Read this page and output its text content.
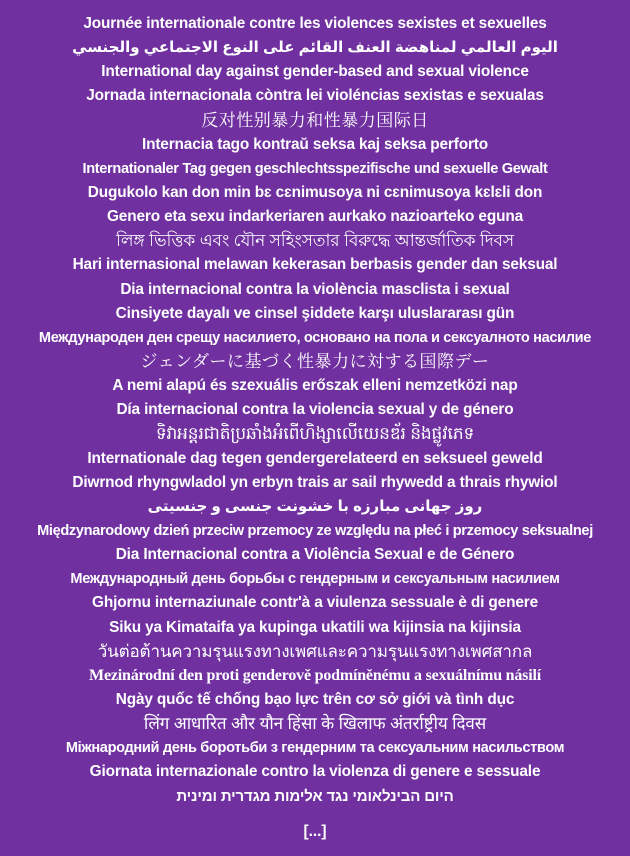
Journée internationale contre les violences sexistes et sexuelles
اليوم العالمي لمناهضة العنف القائم على النوع الاجتماعي والجنسي
International day against gender-based and sexual violence
Jornada internacionala còntra lei violéncias sexistas e sexualas
反对性别暴力和性暴力国际日
Internacia tago kontraŭ seksa kaj seksa perforto
Internationaler Tag gegen geschlechtsspezifische und sexuelle Gewalt
Dugukolo kan don min bɛ cɛnimusoya ni cɛnimusoya kɛlɛli don
Genero eta sexu indarkeriaren aurkako nazioarteko eguna
লিঙ্গ ভিত্তিক এবং যৌন সহিংসতার বিরুদ্ধে আন্তর্জাতিক দিবস
Hari internasional melawan kekerasan berbasis gender dan seksual
Dia internacional contra la violència masclista i sexual
Cinsiyete dayalı ve cinsel şiddete karşı uluslararası gün
Международен ден срещу насилието, основано на пола и сексуалното насилие
ジェンダーに基づく性暴力に対する国際デー
A nemi alapú és szexuális erőszak elleni nemzetközi nap
Día internacional contra la violencia sexual y de género
ទិវាអន្តរជាតិប្រឆាំងអំពើហិង្សាលើយេនឌ័រ និងផ្លូវភេទ
Internationale dag tegen gendergerelateerd en seksueel geweld
Diwrnod rhyngwladol yn erbyn trais ar sail rhywedd a thrais rhywiol
روز جهانی مبارزه با خشونت جنسی و جنسیتی
Międzynarodowy dzień przeciw przemocy ze względu na płeć i przemocy seksualnej
Dia Internacional contra a Violência Sexual e de Género
Международный день борьбы с гендерным и сексуальным насилием
Ghjornu internaziunale contr'à a viulenza sessuale è di genere
Siku ya Kimataifa ya kupinga ukatili wa kijinsia na kijinsia
วันต่อต้านความรุนแรงทางเพศและความรุนแรงทางเพศสากล
Mezinárodní den proti genderově podmíněnému a sexuálnímu násilí
Ngày quốc tế chống bạo lực trên cơ sở giới và tình dục
लिंग आधारित और यौन हिंसा के खिलाफ अंतर्राष्ट्रीय दिवस
Міжнародний день боротьби з гендерним та сексуальним насильством
Giornata internazionale contro la violenza di genere e sessuale
היום הבינלאומי נגד אלימות מגדרית ומינית
[...]
